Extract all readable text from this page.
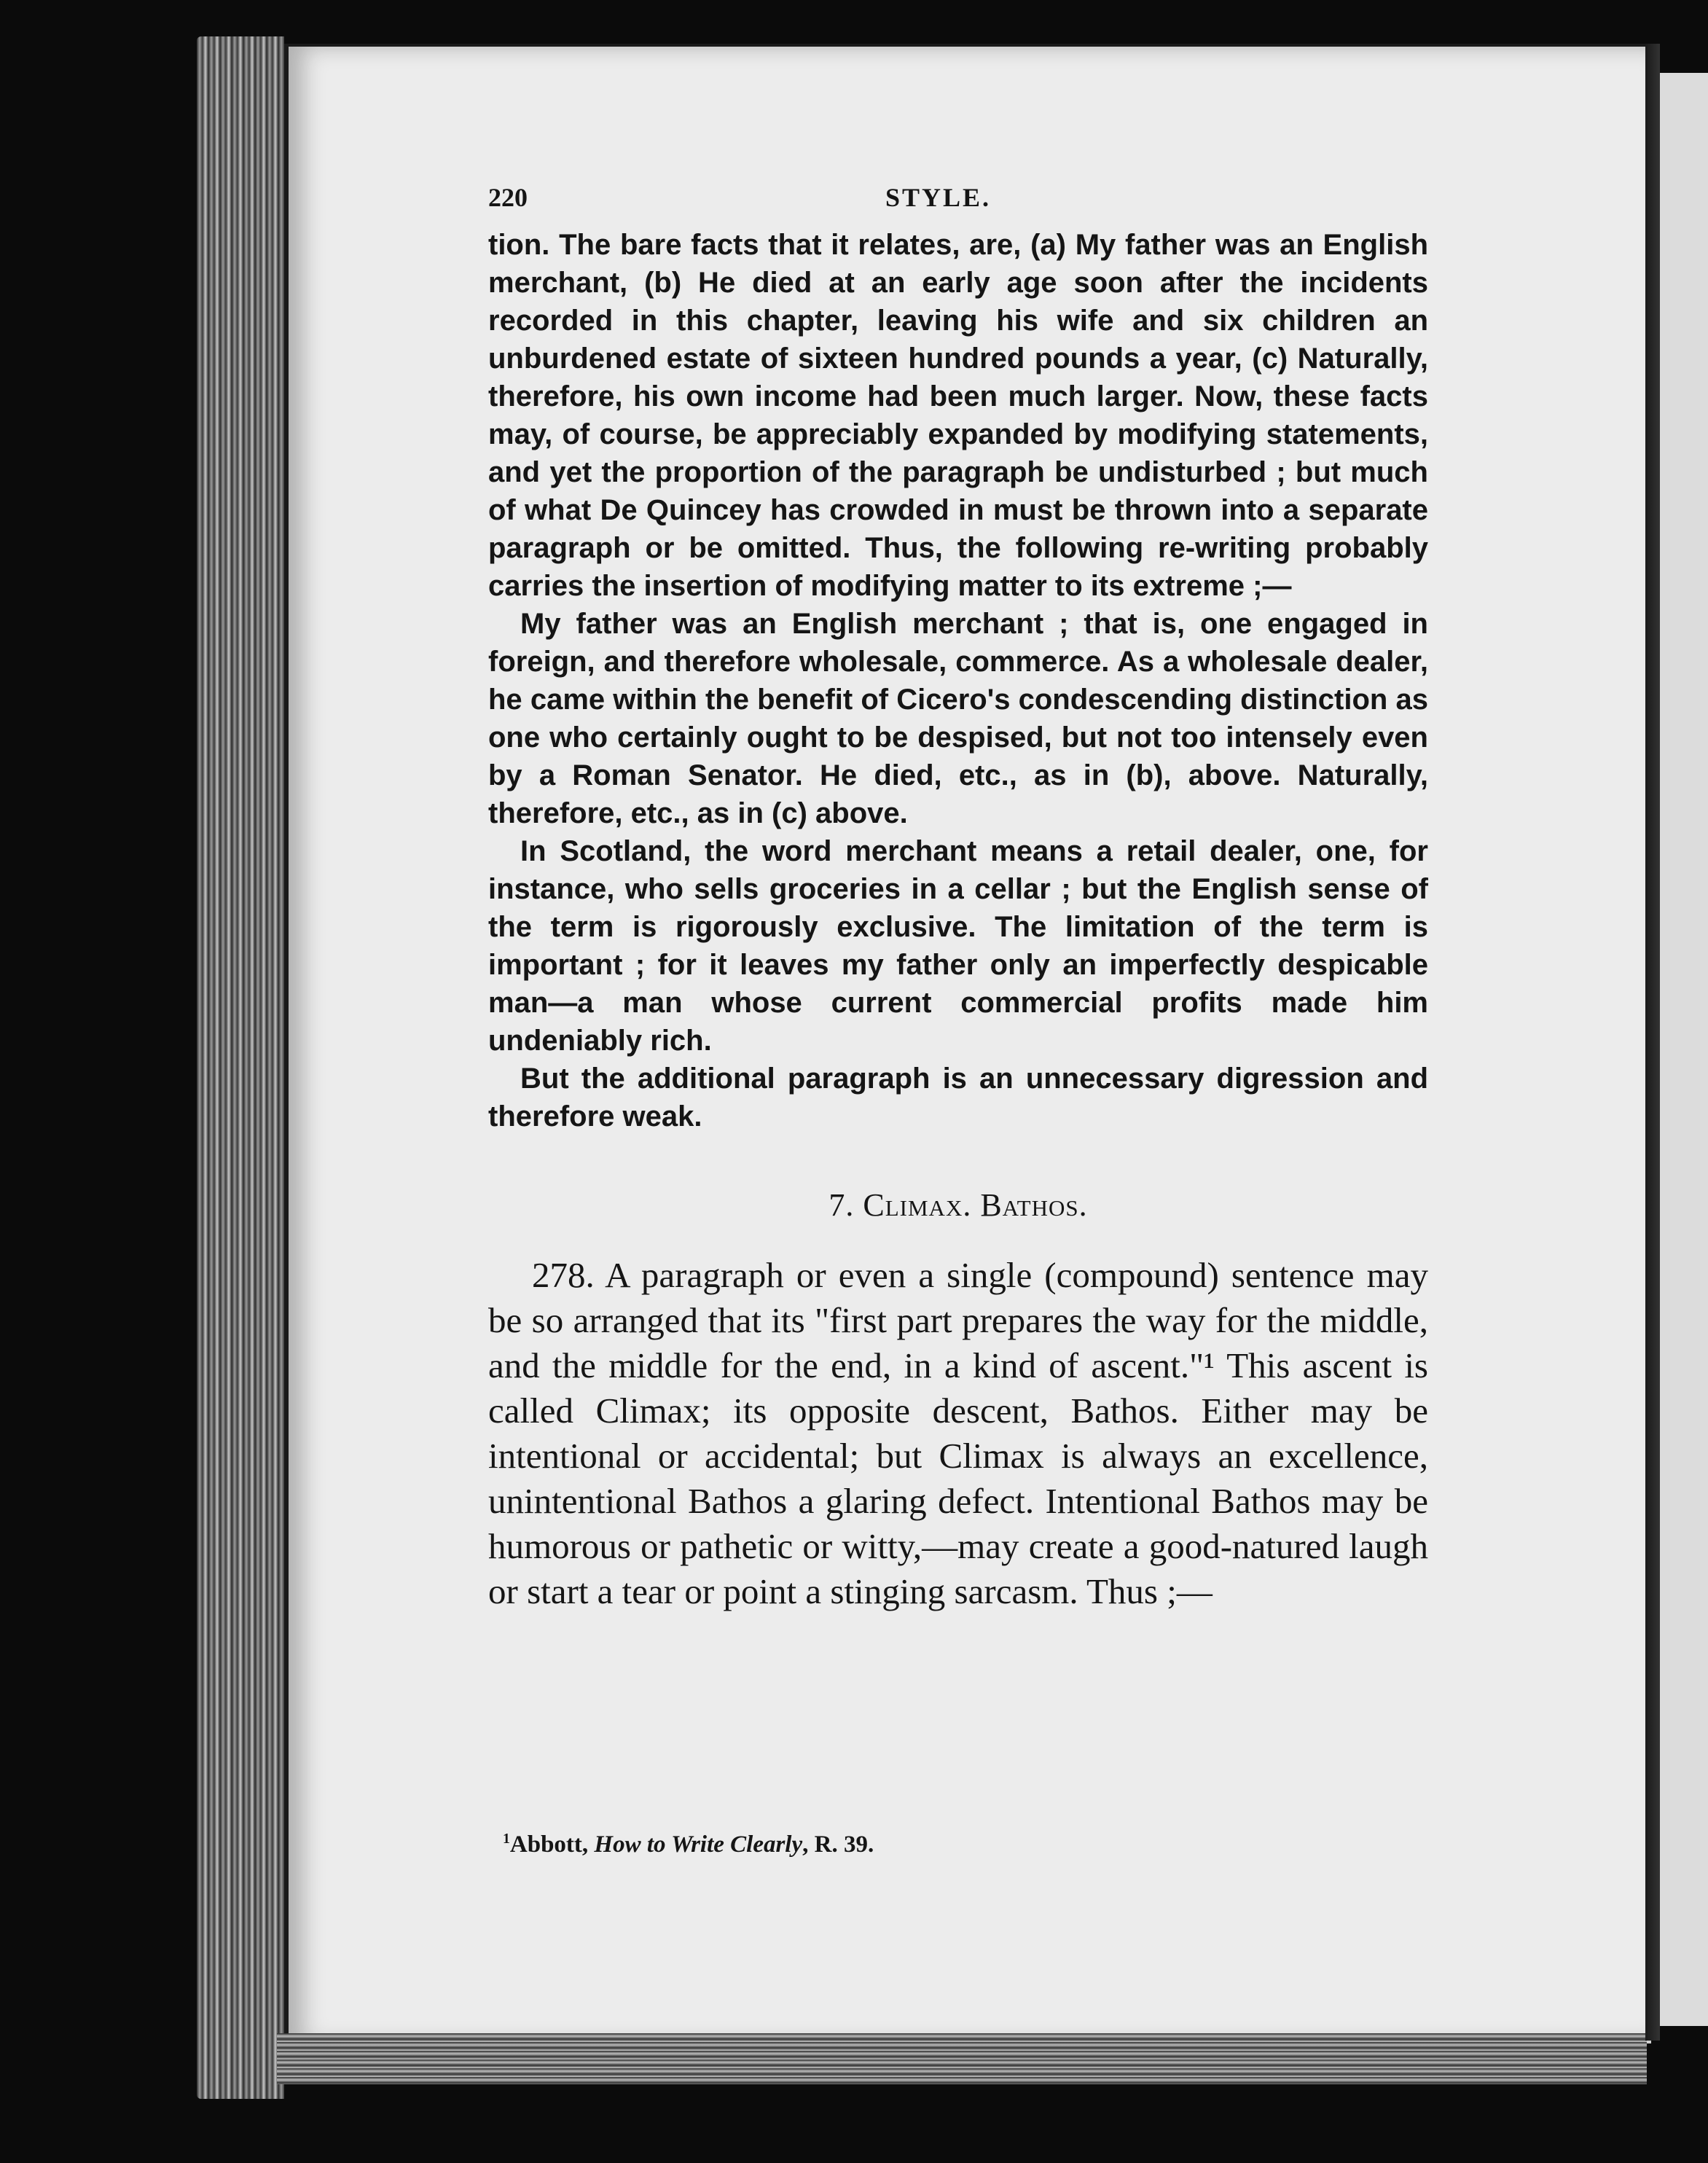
220	STYLE.

tion. The bare facts that it relates, are, (a) My father was an English merchant, (b) He died at an early age soon after the incidents recorded in this chapter, leaving his wife and six children an unburdened estate of sixteen hundred pounds a year, (c) Naturally, therefore, his own income had been much larger. Now, these facts may, of course, be appreciably expanded by modifying statements, and yet the proportion of the paragraph be undisturbed ; but much of what De Quincey has crowded in must be thrown into a separate paragraph or be omitted. Thus, the following re-writing probably carries the insertion of modifying matter to its extreme ;—

My father was an English merchant ; that is, one engaged in foreign, and therefore wholesale, commerce. As a wholesale dealer, he came within the benefit of Cicero's condescending distinction as one who certainly ought to be despised, but not too intensely even by a Roman Senator. He died, etc., as in (b), above. Naturally, therefore, etc., as in (c) above.

In Scotland, the word merchant means a retail dealer, one, for instance, who sells groceries in a cellar ; but the English sense of the term is rigorously exclusive. The limitation of the term is important ; for it leaves my father only an imperfectly despicable man—a man whose current commercial profits made him undeniably rich.

But the additional paragraph is an unnecessary digression and therefore weak.

7. Climax. Bathos.

278. A paragraph or even a single (compound) sentence may be so arranged that its "first part prepares the way for the middle, and the middle for the end, in a kind of ascent."¹ This ascent is called Climax; its opposite descent, Bathos. Either may be intentional or accidental; but Climax is always an excellence, unintentional Bathos a glaring defect. Intentional Bathos may be humorous or pathetic or witty,—may create a good-natured laugh or start a tear or point a stinging sarcasm. Thus ;—

$^1$Abbott, How to Write Clearly, R. 39.
